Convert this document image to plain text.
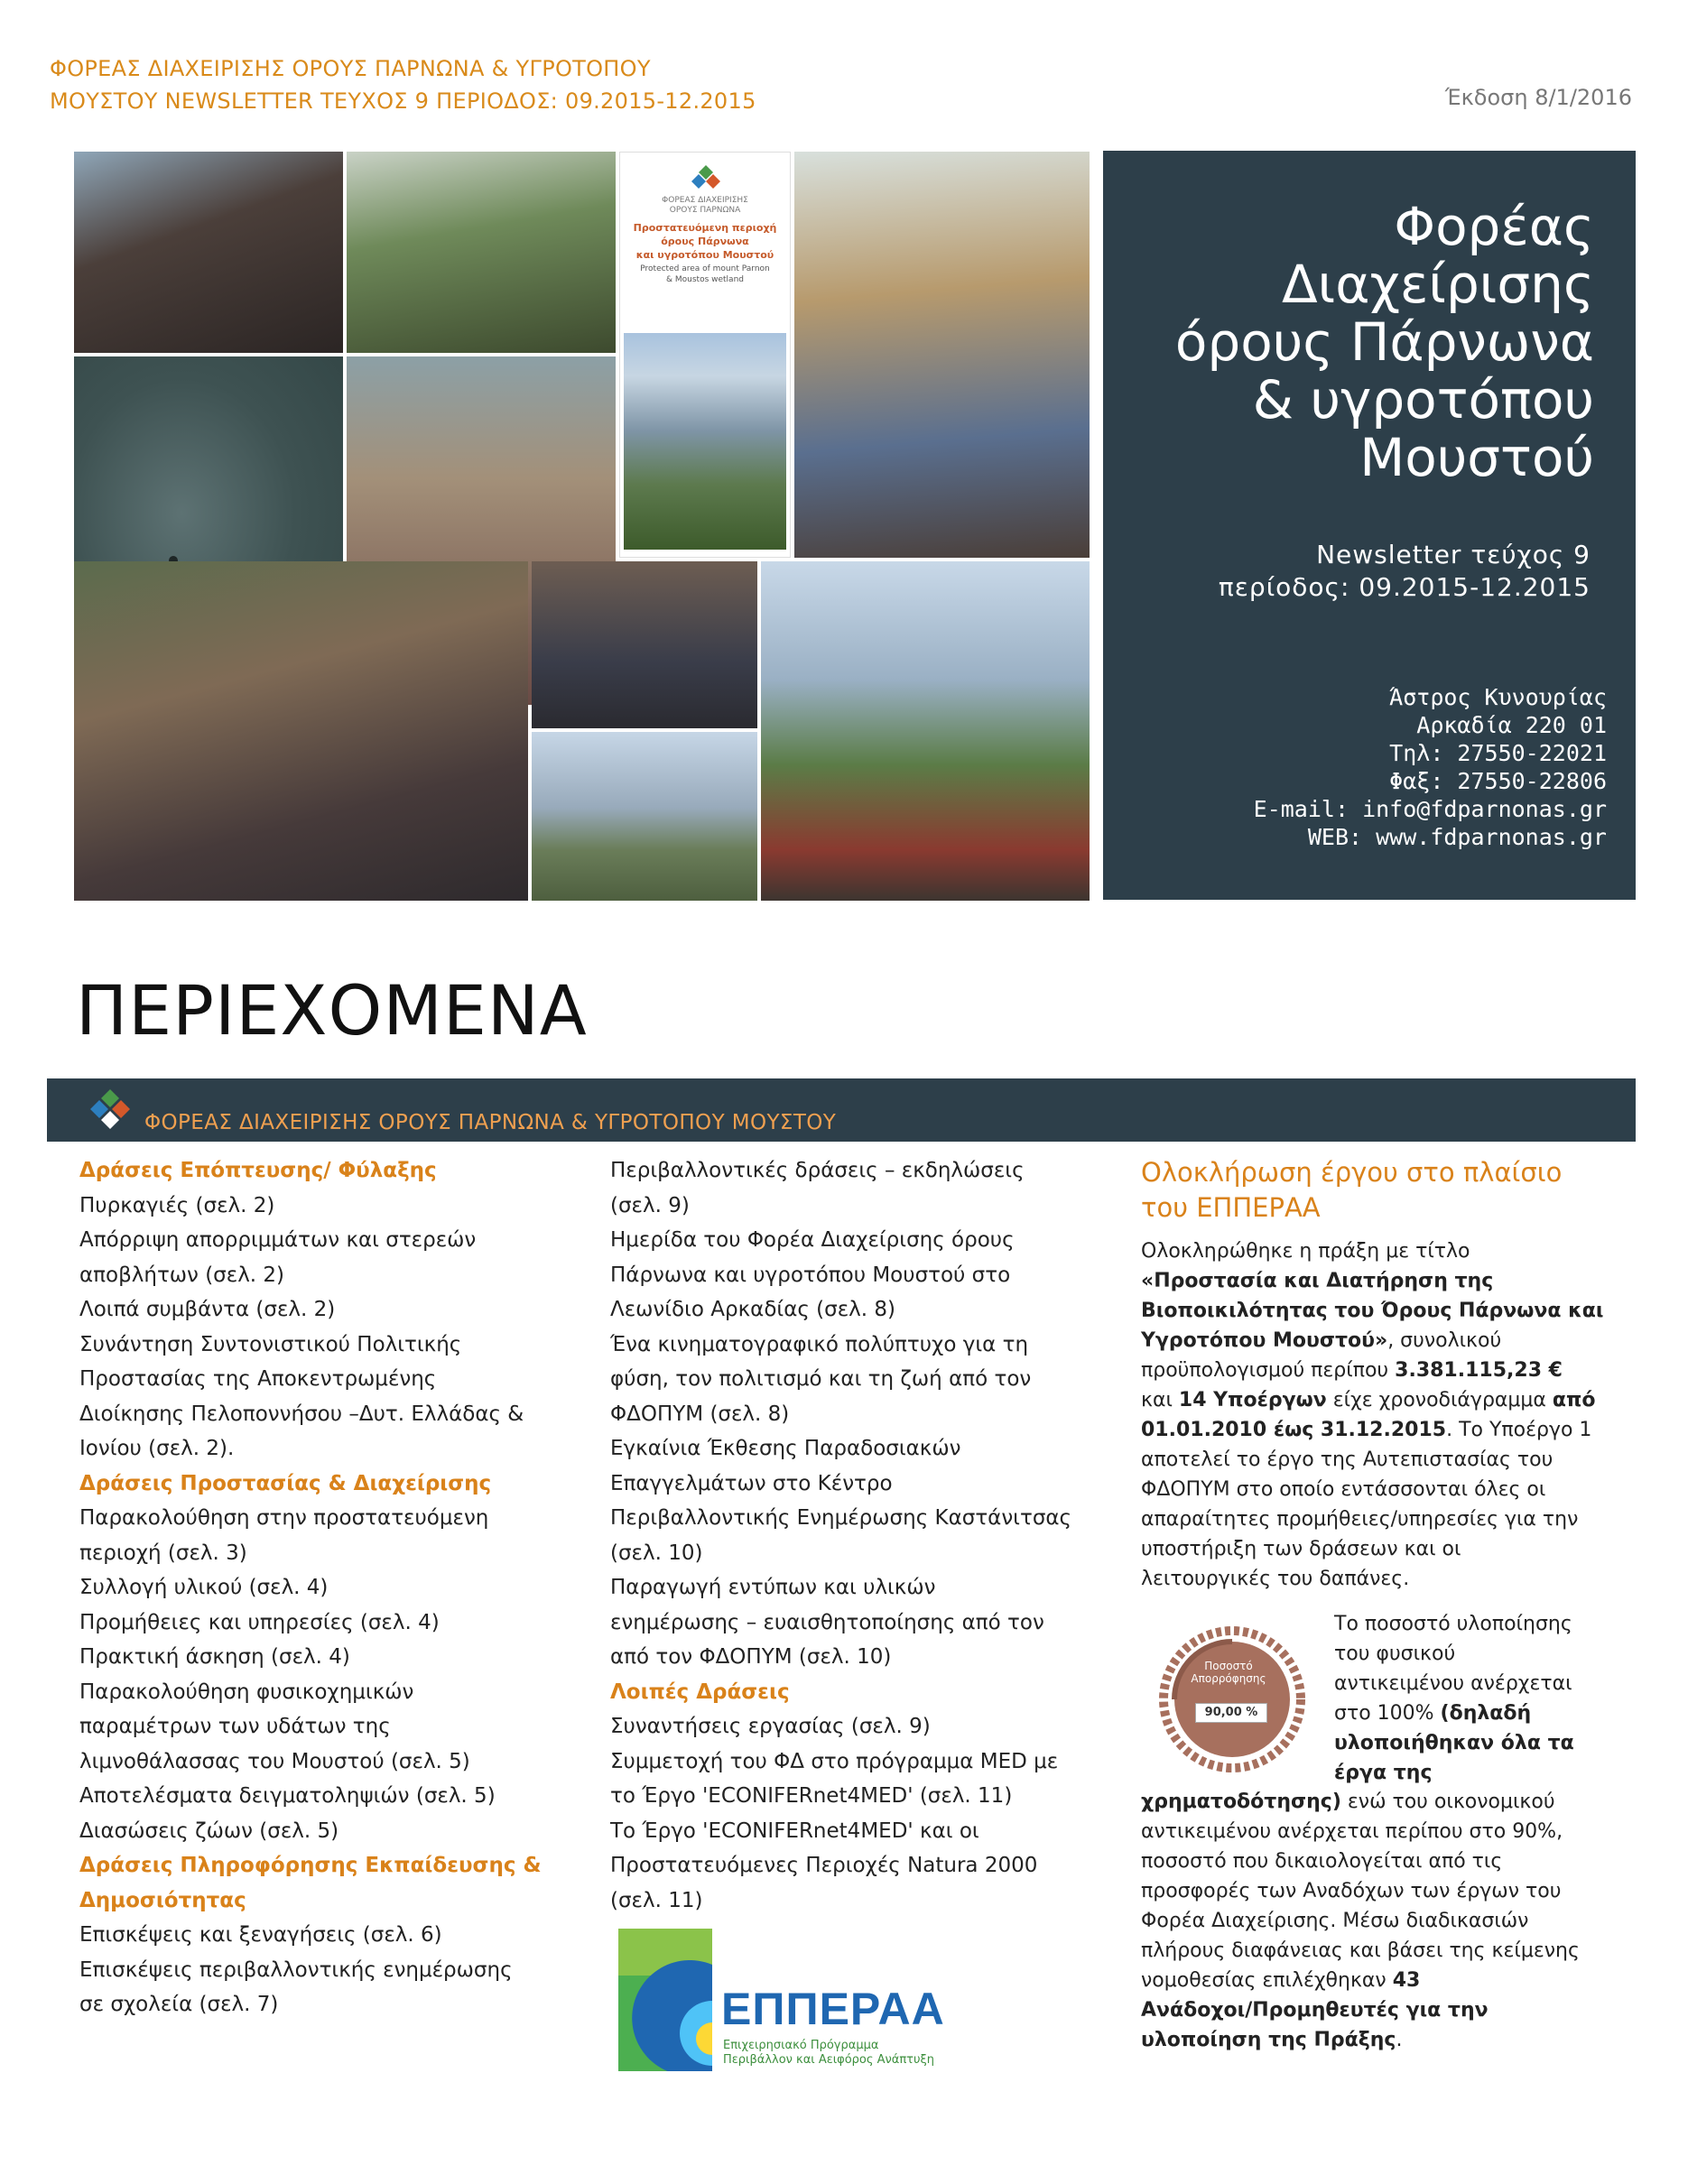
ΦΟΡΕΑΣ ΔΙΑΧΕΙΡΙΣΗΣ ΟΡΟΥΣ ΠΑΡΝΩΝΑ & ΥΓΡΟΤΟΠΟΥ
ΜΟΥΣΤΟΥ NEWSLETTER ΤΕΥΧΟΣ 9 ΠΕΡΙΟΔΟΣ: 09.2015-12.2015	Έκδοση 8/1/2016
ΦΟΡΕΑΣ ΔΙΑΧΕΙΡΙΣΗΣ
ΟΡΟΥΣ ΠΑΡΝΩΝΑ
Προστατευόμενη περιοχή
όρους Πάρνωνα
και υγροτόπου Μουστού
Protected area of mount Parnon
& Moustos wetland
Φορέας
Διαχείρισης
όρους Πάρνωνα
& υγροτόπου
Μουστού
Newsletter τεύχος 9
περίοδος: 09.2015-12.2015
Άστρος Κυνουρίας
Αρκαδία 220 01
Τηλ: 27550-22021
Φαξ: 27550-22806
E-mail: info@fdparnonas.gr
WEB: www.fdparnonas.gr
ΠΕΡΙΕΧΟΜΕΝΑ
ΦΟΡΕΑΣ ΔΙΑΧΕΙΡΙΣΗΣ ΟΡΟΥΣ ΠΑΡΝΩΝΑ & ΥΓΡΟΤΟΠΟΥ ΜΟΥΣΤΟΥ
Δράσεις Επόπτευσης/ Φύλαξης
Πυρκαγιές (σελ. 2)
Απόρριψη απορριμμάτων και στερεών
αποβλήτων (σελ. 2)
Λοιπά συμβάντα (σελ. 2)
Συνάντηση Συντονιστικού Πολιτικής
Προστασίας της Αποκεντρωμένης
Διοίκησης Πελοποννήσου –Δυτ. Ελλάδας &
Ιονίου (σελ. 2).
Δράσεις Προστασίας & Διαχείρισης
Παρακολούθηση στην προστατευόμενη
περιοχή (σελ. 3)
Συλλογή υλικού (σελ. 4)
Προμήθειες και υπηρεσίες (σελ. 4)
Πρακτική άσκηση (σελ. 4)
Παρακολούθηση φυσικοχημικών
παραμέτρων των υδάτων της
λιμνοθάλασσας του Μουστού (σελ. 5)
Αποτελέσματα δειγματοληψιών (σελ. 5)
Διασώσεις ζώων (σελ. 5)
Δράσεις Πληροφόρησης Εκπαίδευσης &
Δημοσιότητας
Επισκέψεις και ξεναγήσεις (σελ. 6)
Επισκέψεις περιβαλλοντικής ενημέρωσης
σε σχολεία (σελ. 7)
Περιβαλλοντικές δράσεις – εκδηλώσεις
(σελ. 9)
Ημερίδα του Φορέα Διαχείρισης όρους
Πάρνωνα και υγροτόπου Μουστού στο
Λεωνίδιο Αρκαδίας (σελ. 8)
Ένα κινηματογραφικό πολύπτυχο για τη
φύση, τον πολιτισμό και τη ζωή από τον
ΦΔΟΠΥΜ (σελ. 8)
Εγκαίνια Έκθεσης Παραδοσιακών
Επαγγελμάτων στο Κέντρο
Περιβαλλοντικής Ενημέρωσης Καστάνιτσας
(σελ. 10)
Παραγωγή εντύπων και υλικών
ενημέρωσης – ευαισθητοποίησης από τον
από τον ΦΔΟΠΥΜ (σελ. 10)
Λοιπές Δράσεις
Συναντήσεις εργασίας (σελ. 9)
Συμμετοχή του ΦΔ στο πρόγραμμα MED με
το Έργο 'ECONIFERnet4MED' (σελ. 11)
Το Έργο 'ECONIFERnet4MED' και οι
Προστατευόμενες Περιοχές Natura 2000
(σελ. 11)
ΕΠΠΕΡΑΑ
Επιχειρησιακό Πρόγραμμα
Περιβάλλον και Αειφόρος Ανάπτυξη
Ολοκλήρωση έργου στο πλαίσιο
του ΕΠΠΕΡΑΑ
Ολοκληρώθηκε η πράξη με τίτλο
«Προστασία και Διατήρηση της
Βιοποικιλότητας του Όρους Πάρνωνα και
Υγροτόπου Μουστού», συνολικού
προϋπολογισμού περίπου 3.381.115,23 €
και 14 Υποέργων είχε χρονοδιάγραμμα από
01.01.2010 έως 31.12.2015. Το Υποέργο 1
αποτελεί το έργο της Αυτεπιστασίας του
ΦΔΟΠΥΜ στο οποίο εντάσσονται όλες οι
απαραίτητες προμήθειες/υπηρεσίες για την
υποστήριξη των δράσεων και οι
λειτουργικές του δαπάνες.
Ποσοστό Απορρόφησης
90,00 %
Το ποσοστό υλοποίησης
του φυσικού
αντικειμένου ανέρχεται
στο 100% (δηλαδή
υλοποιήθηκαν όλα τα
έργα της
χρηματοδότησης) ενώ του οικονομικού
αντικειμένου ανέρχεται περίπου στο 90%,
ποσοστό που δικαιολογείται από τις
προσφορές των Αναδόχων των έργων του
Φορέα Διαχείρισης. Μέσω διαδικασιών
πλήρους διαφάνειας και βάσει της κείμενης
νομοθεσίας επιλέχθηκαν 43
Ανάδοχοι/Προμηθευτές για την
υλοποίηση της Πράξης.
